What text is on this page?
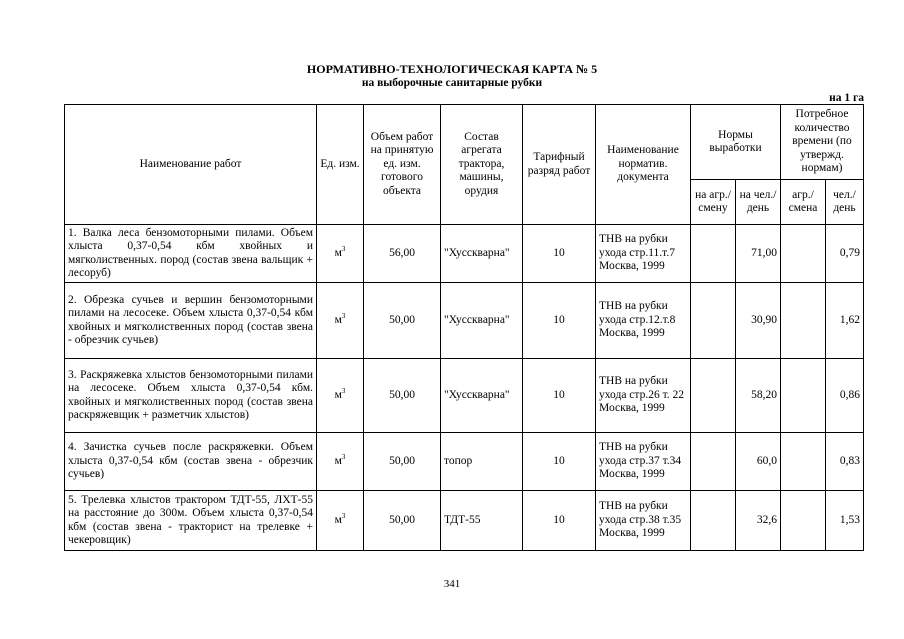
НОРМАТИВНО-ТЕХНОЛОГИЧЕСКАЯ КАРТА № 5
на выборочные санитарные рубки
на 1 га
Наименование работ	Ед. изм.	Объем работ на принятую ед. изм. готового объекта	Состав агрегата трактора, машины, орудия	Тарифный разряд работ	Наименование норматив. документа	Нормы выработки		Потребное количество времени (по утвержд. нормам)	
						на агр./ смену	на чел./ день	агр./ смена	чел./ день
1. Валка леса бензомоторными пилами. Объем хлыста 0,37-0,54 кбм хвойных и мягколиственных. пород (состав звена вальщик + лесоруб)	$м^3$	56,00	"Хусскварна"	10	ТНВ на рубки ухода стр.11.т.7 Москва, 1999		71,00		0,79
2. Обрезка сучьев и вершин бензомоторными пилами на лесосеке. Объем хлыста 0,37-0,54 кбм хвойных и мягколиственных пород (состав звена - обрезчик сучьев)	$м^3$	50,00	"Хусскварна"	10	ТНВ на рубки ухода стр.12.т.8 Москва, 1999		30,90		1,62
3. Раскряжевка хлыстов бензомоторными пилами на лесосеке. Объем хлыста 0,37-0,54 кбм. хвойных и мягколиственных пород (состав звена раскряжевщик + разметчик хлыстов)	$м^3$	50,00	"Хусскварна"	10	ТНВ на рубки ухода стр.26 т. 22 Москва, 1999		58,20		0,86
4. Зачистка сучьев после раскряжевки. Объем хлыста 0,37-0,54 кбм (состав звена - обрезчик сучьев)	$м^3$	50,00	топор	10	ТНВ на рубки ухода стр.37 т.34 Москва, 1999		60,0		0,83
5. Трелевка хлыстов трактором ТДТ-55, ЛХТ-55 на расстояние до 300м. Объем хлыста 0,37-0,54 кбм (состав звена - тракторист на трелевке + чекеровщик)	$м^3$	50,00	ТДТ-55	10	ТНВ на рубки ухода стр.38 т.35 Москва, 1999		32,6		1,53
341
